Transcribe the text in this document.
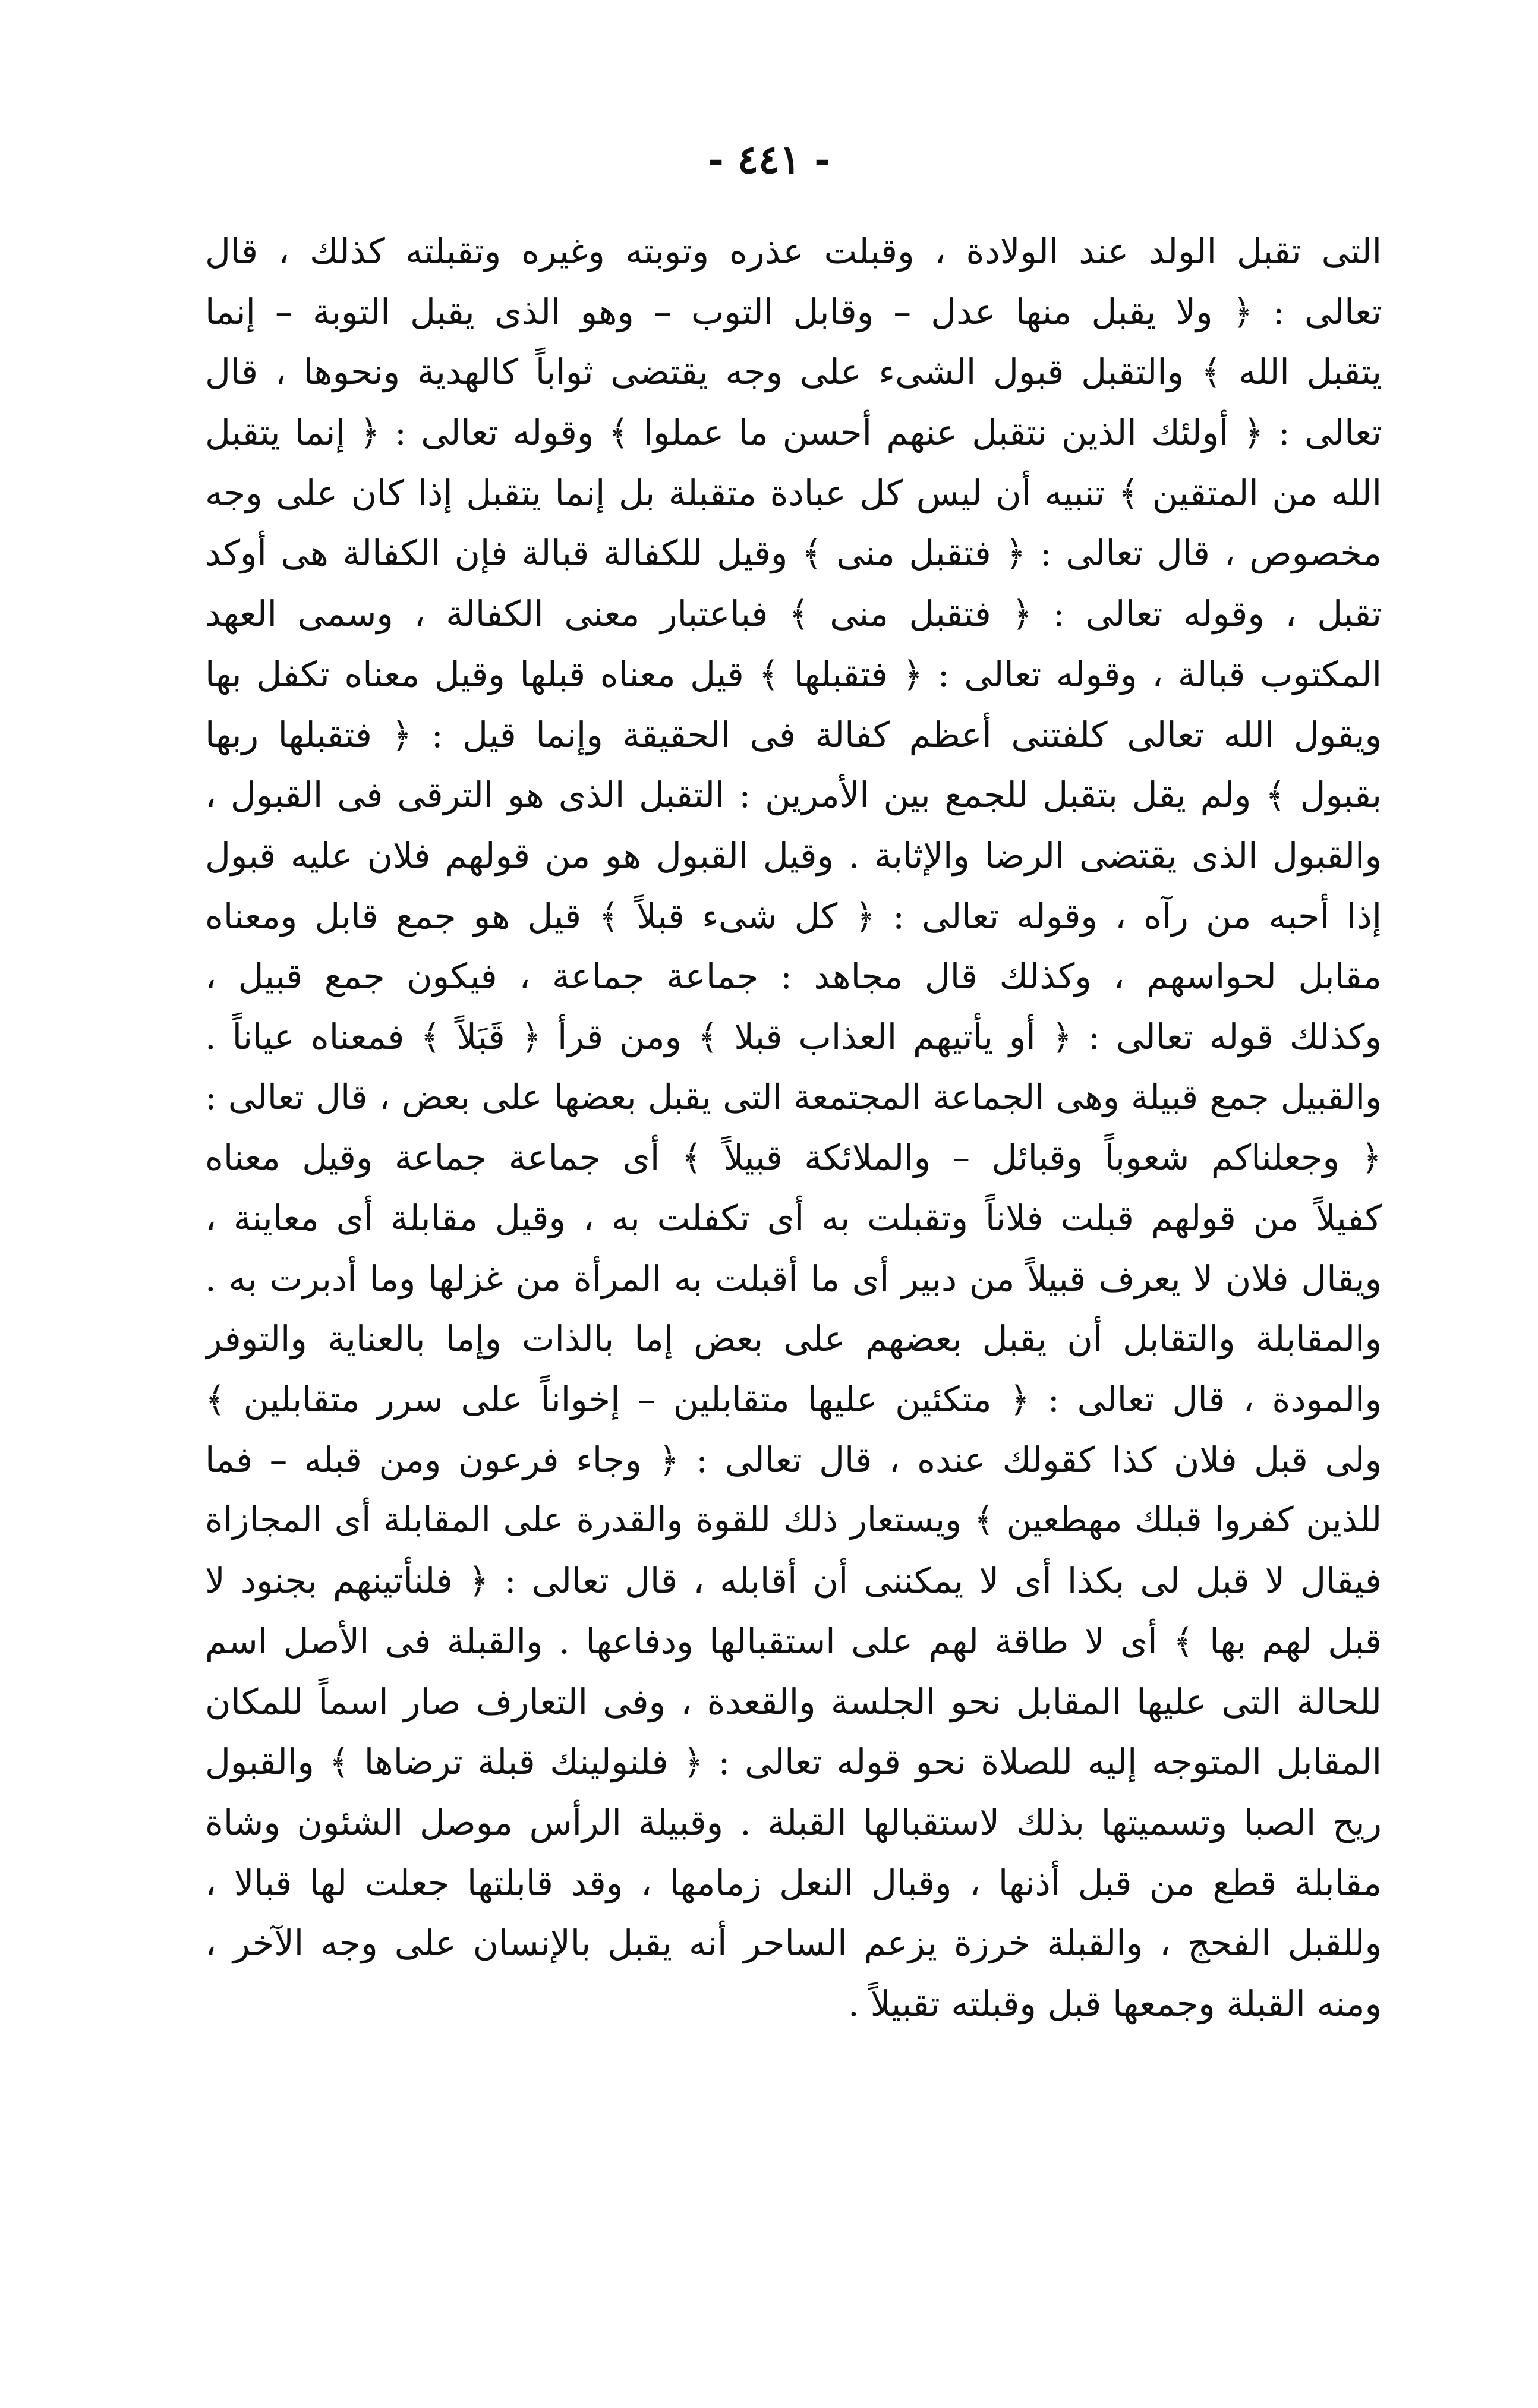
- ٤٤١ -
التى تقبل الولد عند الولادة ، وقبلت عذره وتوبته وغيره وتقبلته كذلك ، قال
تعالى : ﴿ ولا يقبل منها عدل – وقابل التوب – وهو الذى يقبل التوبة – إنما
يتقبل الله ﴾ والتقبل قبول الشىء على وجه يقتضى ثواباً كالهدية ونحوها ، قال
تعالى : ﴿ أولئك الذين نتقبل عنهم أحسن ما عملوا ﴾ وقوله تعالى : ﴿ إنما يتقبل
الله من المتقين ﴾ تنبيه أن ليس كل عبادة متقبلة بل إنما يتقبل إذا كان على وجه
مخصوص ، قال تعالى : ﴿ فتقبل منى ﴾ وقيل للكفالة قبالة فإن الكفالة هى أوكد
تقبل ، وقوله تعالى : ﴿ فتقبل منى ﴾ فباعتبار معنى الكفالة ، وسمى العهد
المكتوب قبالة ، وقوله تعالى : ﴿ فتقبلها ﴾ قيل معناه قبلها وقيل معناه تكفل بها
ويقول الله تعالى كلفتنى أعظم كفالة فى الحقيقة وإنما قيل : ﴿ فتقبلها ربها
بقبول ﴾ ولم يقل بتقبل للجمع بين الأمرين : التقبل الذى هو الترقى فى القبول ،
والقبول الذى يقتضى الرضا والإثابة . وقيل القبول هو من قولهم فلان عليه قبول
إذا أحبه من رآه ، وقوله تعالى : ﴿ كل شىء قبلاً ﴾ قيل هو جمع قابل ومعناه
مقابل لحواسهم ، وكذلك قال مجاهد : جماعة جماعة ، فيكون جمع قبيل ،
وكذلك قوله تعالى : ﴿ أو يأتيهم العذاب قبلا ﴾ ومن قرأ ﴿ قَبَلاً ﴾ فمعناه عياناً .
والقبيل جمع قبيلة وهى الجماعة المجتمعة التى يقبل بعضها على بعض ، قال تعالى :
﴿ وجعلناكم شعوباً وقبائل – والملائكة قبيلاً ﴾ أى جماعة جماعة وقيل معناه
كفيلاً من قولهم قبلت فلاناً وتقبلت به أى تكفلت به ، وقيل مقابلة أى معاينة ،
ويقال فلان لا يعرف قبيلاً من دبير أى ما أقبلت به المرأة من غزلها وما أدبرت به .
والمقابلة والتقابل أن يقبل بعضهم على بعض إما بالذات وإما بالعناية والتوفر
والمودة ، قال تعالى : ﴿ متكئين عليها متقابلين – إخواناً على سرر متقابلين ﴾
ولى قبل فلان كذا كقولك عنده ، قال تعالى : ﴿ وجاء فرعون ومن قبله – فما
للذين كفروا قبلك مهطعين ﴾ ويستعار ذلك للقوة والقدرة على المقابلة أى المجازاة
فيقال لا قبل لى بكذا أى لا يمكننى أن أقابله ، قال تعالى : ﴿ فلنأتينهم بجنود لا
قبل لهم بها ﴾ أى لا طاقة لهم على استقبالها ودفاعها . والقبلة فى الأصل اسم
للحالة التى عليها المقابل نحو الجلسة والقعدة ، وفى التعارف صار اسماً للمكان
المقابل المتوجه إليه للصلاة نحو قوله تعالى : ﴿ فلنولينك قبلة ترضاها ﴾ والقبول
ريح الصبا وتسميتها بذلك لاستقبالها القبلة . وقبيلة الرأس موصل الشئون وشاة
مقابلة قطع من قبل أذنها ، وقبال النعل زمامها ، وقد قابلتها جعلت لها قبالا ،
وللقبل الفحج ، والقبلة خرزة يزعم الساحر أنه يقبل بالإنسان على وجه الآخر ،
ومنه القبلة وجمعها قبل وقبلته تقبيلاً .
